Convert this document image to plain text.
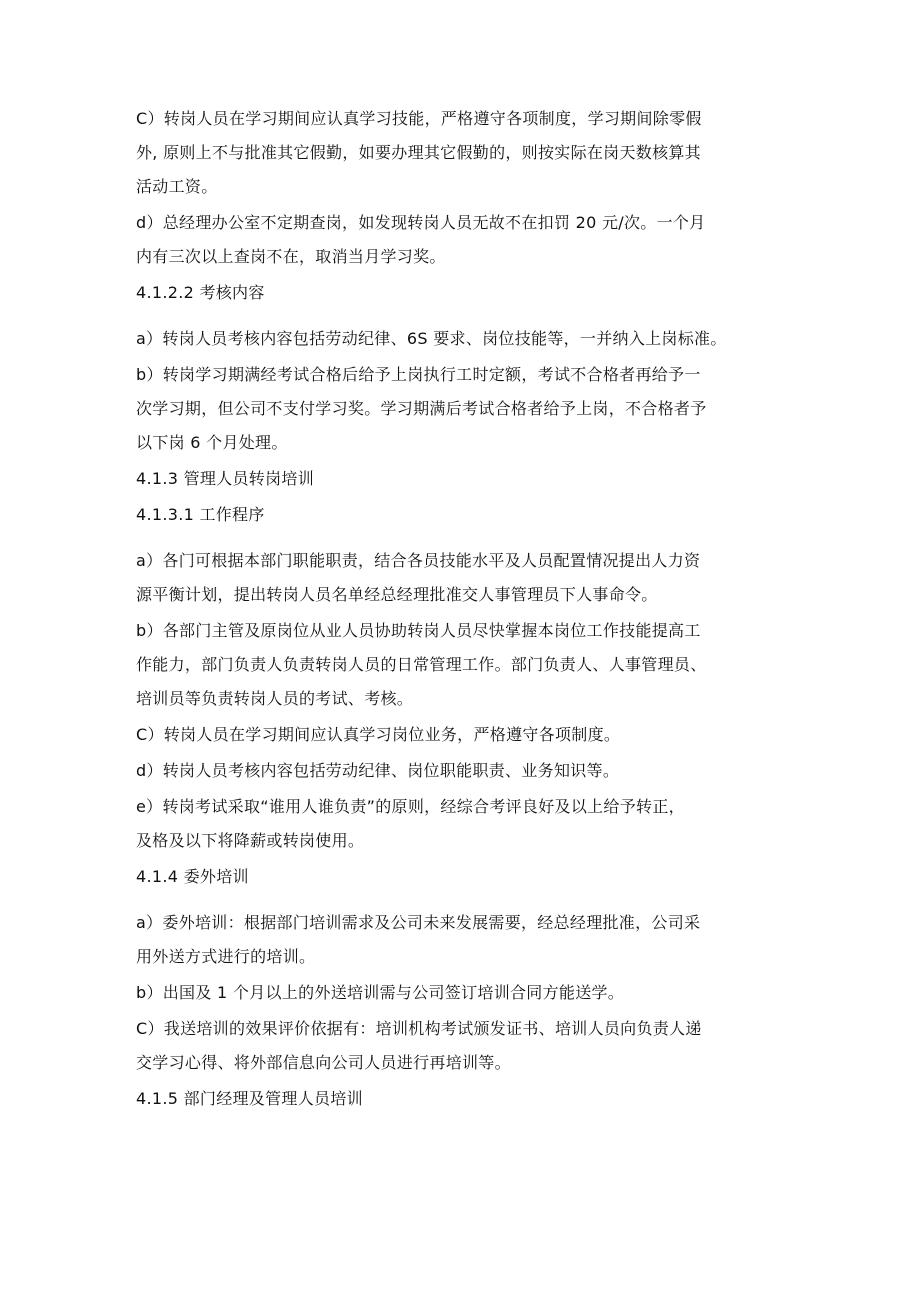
C）转岗人员在学习期间应认真学习技能，严格遵守各项制度，学习期间除零假

外, 原则上不与批准其它假勤，如要办理其它假勤的，则按实际在岗天数核算其

活动工资。

d）总经理办公室不定期查岗，如发现转岗人员无故不在扣罚 20 元/次。一个月

内有三次以上查岗不在，取消当月学习奖。

4.1.2.2 考核内容

a）转岗人员考核内容包括劳动纪律、6S 要求、岗位技能等，一并纳入上岗标准。

b）转岗学习期满经考试合格后给予上岗执行工时定额，考试不合格者再给予一

次学习期，但公司不支付学习奖。学习期满后考试合格者给予上岗，不合格者予

以下岗 6 个月处理。

4.1.3 管理人员转岗培训

4.1.3.1 工作程序

a）各门可根据本部门职能职责，结合各员技能水平及人员配置情况提出人力资

源平衡计划，提出转岗人员名单经总经理批准交人事管理员下人事命令。

b）各部门主管及原岗位从业人员协助转岗人员尽快掌握本岗位工作技能提高工

作能力，部门负责人负责转岗人员的日常管理工作。部门负责人、人事管理员、

培训员等负责转岗人员的考试、考核。

C）转岗人员在学习期间应认真学习岗位业务，严格遵守各项制度。

d）转岗人员考核内容包括劳动纪律、岗位职能职责、业务知识等。

e）转岗考试采取“谁用人谁负责”的原则，经综合考评良好及以上给予转正，

及格及以下将降薪或转岗使用。

4.1.4 委外培训

a）委外培训：根据部门培训需求及公司未来发展需要，经总经理批准，公司采

用外送方式进行的培训。

b）出国及 1 个月以上的外送培训需与公司签订培训合同方能送学。

C）我送培训的效果评价依据有：培训机构考试颁发证书、培训人员向负责人递

交学习心得、将外部信息向公司人员进行再培训等。

4.1.5 部门经理及管理人员培训
